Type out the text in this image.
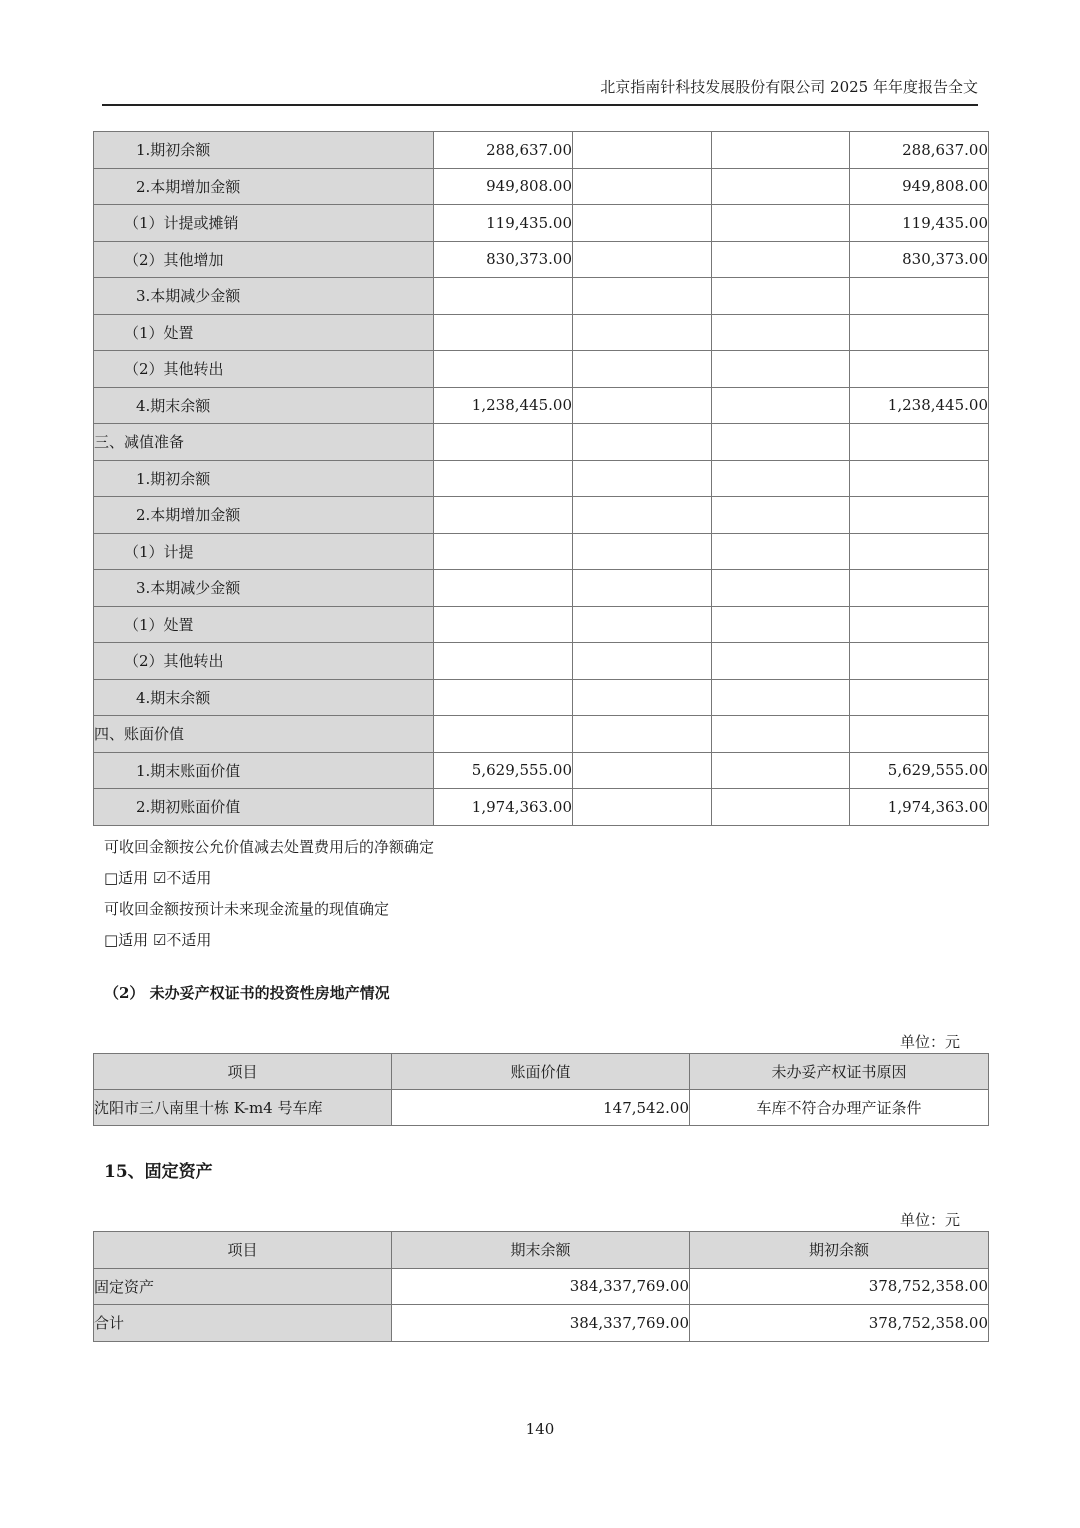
北京指南针科技发展股份有限公司 2025 年年度报告全文
1.期初余额	288,637.00			288,637.00
2.本期增加金额	949,808.00			949,808.00
（1）计提或摊销	119,435.00			119,435.00
（2）其他增加	830,373.00			830,373.00
3.本期减少金额				
（1）处置				
（2）其他转出				
4.期末余额	1,238,445.00			1,238,445.00
三、减值准备				
1.期初余额				
2.本期增加金额				
（1）计提				
3.本期减少金额				
（1）处置				
（2）其他转出				
4.期末余额				
四、账面价值				
1.期末账面价值	5,629,555.00			5,629,555.00
2.期初账面价值	1,974,363.00			1,974,363.00
可收回金额按公允价值减去处置费用后的净额确定
□适用 ☑不适用
可收回金额按预计未来现金流量的现值确定
□适用 ☑不适用
（2） 未办妥产权证书的投资性房地产情况
单位：元
项目	账面价值	未办妥产权证书原因
沈阳市三八南里十栋 K-m4 号车库	147,542.00	车库不符合办理产证条件
15、固定资产
单位：元
项目	期末余额	期初余额
固定资产	384,337,769.00	378,752,358.00
合计	384,337,769.00	378,752,358.00
140
